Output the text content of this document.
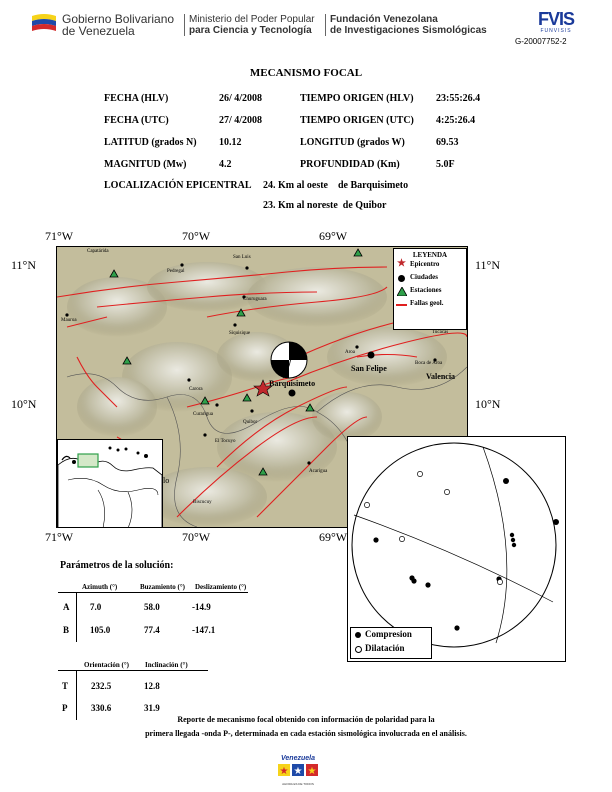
Gobierno Bolivariano
de Venezuela
Ministerio del Poder Popular
para Ciencia y Tecnología
Fundación Venezolana
de Investigaciones Sismológicas
FVIS
FUNVISIS
G-20007752-2
MECANISMO FOCAL
FECHA (HLV)	26/ 4/2008	TIEMPO ORIGEN (HLV) 23:55:26.4
FECHA (UTC)	27/ 4/2008	TIEMPO ORIGEN (UTC) 4:25:26.4
LATITUD (grados N) 10.12	LONGITUD (grados W)	69.53
MAGNITUD (Mw)	4.2	PROFUNDIDAD (Km)	5.0F
LOCALIZACIÓN EPICENTRAL 24. Km al oeste    de Barquisimeto
23. Km al noreste  de Quibor
71°W	70°W	69°W
71°W	70°W	69°W
11°N
10°N
11°N
10°N
Capatárida
Pedregal
San Luis
Churuguara
Siquisique
Mauroa
Carora
Curarigua
El Tocuyo
Quibor
Biscucuy
Acarigua
Aroa
Tucacas
Boca de Aroa
Valencia
Barquisimeto
San Felipe
LEYENDA
★ Epicentro
Ciudades
Estaciones
Fallas geol.
lo
Compresion
Dilatación
Parámetros de la solución:
Azimuth (°)	Buzamiento (°) Deslizamiento (°)
A 7.0	58.0	-14.9
B 105.0	77.4	-147.1
Orientación (°) Inclinación (°)
T	232.5	12.8
P	330.6	31.9
Reporte de mecanismo focal obtenido con información de polaridad para la
primera llegada -onda P-, determinada en cada estación sismológica involucrada en el análisis.
Venezuela
★ ★ ★
AHORA ES DE TODOS
